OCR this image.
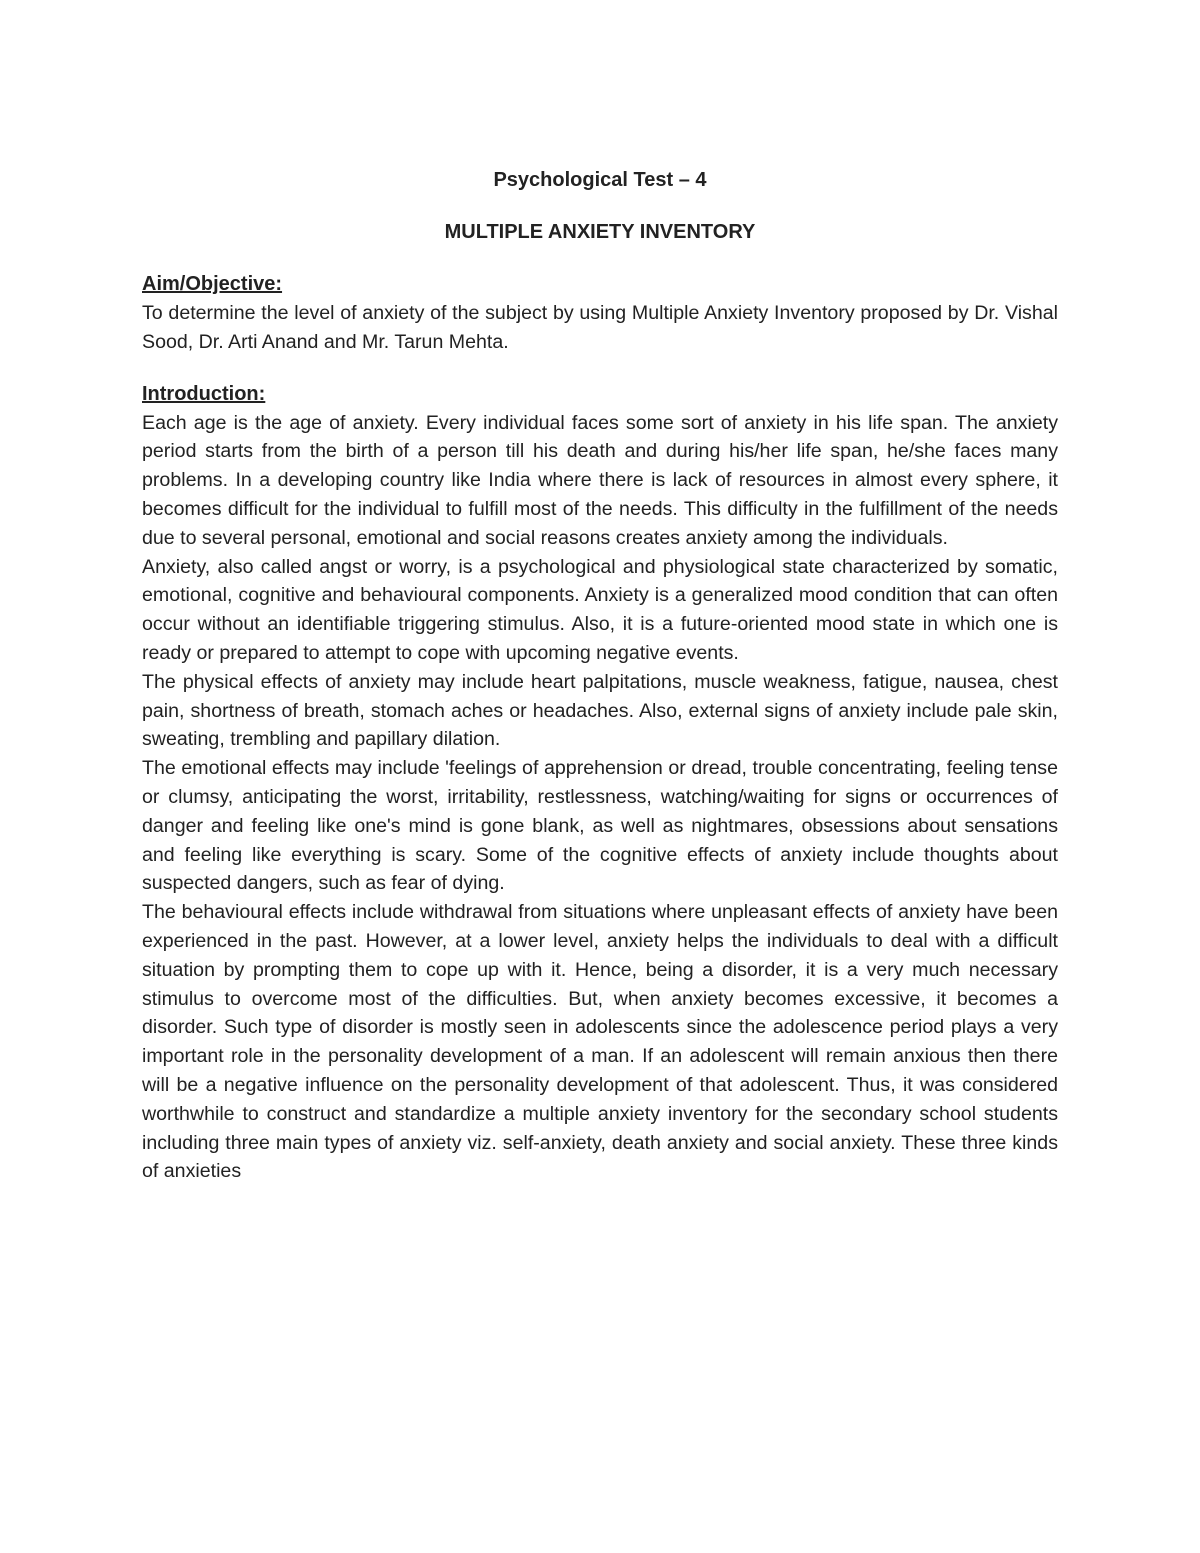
Psychological Test – 4
MULTIPLE ANXIETY INVENTORY
Aim/Objective:

To determine the level of anxiety of the subject by using Multiple Anxiety Inventory proposed by Dr. Vishal Sood, Dr. Arti Anand and Mr. Tarun Mehta.

Introduction:

Each age is the age of anxiety. Every individual faces some sort of anxiety in his life span. The anxiety period starts from the birth of a person till his death and during his/her life span, he/she faces many problems. In a developing country like India where there is lack of resources in almost every sphere, it becomes difficult for the individual to fulfill most of the needs. This difficulty in the fulfillment of the needs due to several personal, emotional and social reasons creates anxiety among the individuals.

Anxiety, also called angst or worry, is a psychological and physiological state characterized by somatic, emotional, cognitive and behavioural components. Anxiety is a generalized mood condition that can often occur without an identifiable triggering stimulus. Also, it is a future-oriented mood state in which one is ready or prepared to attempt to cope with upcoming negative events.

The physical effects of anxiety may include heart palpitations, muscle weakness, fatigue, nausea, chest pain, shortness of breath, stomach aches or headaches. Also, external signs of anxiety include pale skin, sweating, trembling and papillary dilation.

The emotional effects may include 'feelings of apprehension or dread, trouble concentrating, feeling tense or clumsy, anticipating the worst, irritability, restlessness, watching/waiting for signs or occurrences of danger and feeling like one's mind is gone blank, as well as nightmares, obsessions about sensations and feeling like everything is scary. Some of the cognitive effects of anxiety include thoughts about suspected dangers, such as fear of dying.

The behavioural effects include withdrawal from situations where unpleasant effects of anxiety have been experienced in the past. However, at a lower level, anxiety helps the individuals to deal with a difficult situation by prompting them to cope up with it. Hence, being a disorder, it is a very much necessary stimulus to overcome most of the difficulties. But, when anxiety becomes excessive, it becomes a disorder. Such type of disorder is mostly seen in adolescents since the adolescence period plays a very important role in the personality development of a man. If an adolescent will remain anxious then there will be a negative influence on the personality development of that adolescent. Thus, it was considered worthwhile to construct and standardize a multiple anxiety inventory for the secondary school students including three main types of anxiety viz. self-anxiety, death anxiety and social anxiety. These three kinds of anxieties
